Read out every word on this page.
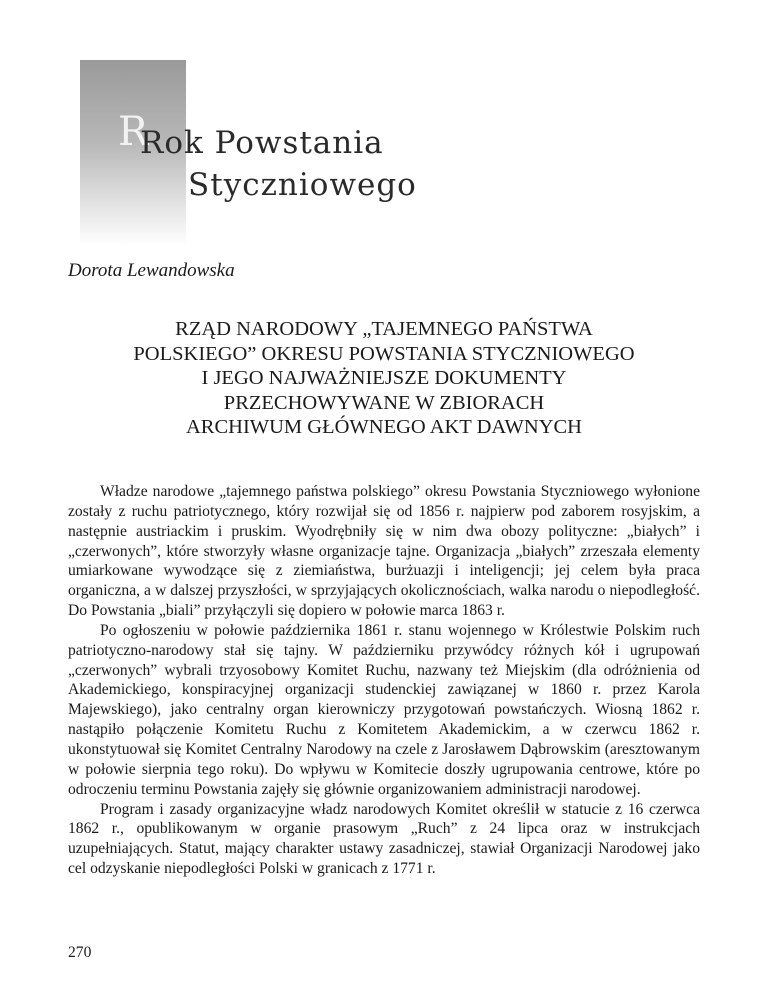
R
Rok Powstania
Styczniowego
Dorota Lewandowska
RZĄD NARODOWY „TAJEMNEGO PAŃSTWA
POLSKIEGO” OKRESU POWSTANIA STYCZNIOWEGO
I JEGO NAJWAŻNIEJSZE DOKUMENTY
PRZECHOWYWANE W ZBIORACH
ARCHIWUM GŁÓWNEGO AKT DAWNYCH

Władze narodowe „tajemnego państwa polskiego” okresu Powstania Styczniowego wyłonione zostały z ruchu patriotycznego, który rozwijał się od 1856 r. najpierw pod zaborem rosyjskim, a następnie austriackim i pruskim. Wyodrębniły się w nim dwa obozy polityczne: „białych” i „czerwonych”, które stworzyły własne organizacje tajne. Organizacja „białych” zrzeszała elementy umiarkowane wywodzące się z ziemiaństwa, burżuazji i inteligencji; jej celem była praca organiczna, a w dalszej przyszłości, w sprzyjających okolicznościach, walka narodu o niepodległość. Do Powstania „biali” przyłączyli się dopiero w połowie marca 1863 r.

Po ogłoszeniu w połowie października 1861 r. stanu wojennego w Królestwie Polskim ruch patriotyczno-narodowy stał się tajny. W październiku przywódcy różnych kół i ugrupowań „czerwonych” wybrali trzyosobowy Komitet Ruchu, nazwany też Miejskim (dla odróżnienia od Akademickiego, konspiracyjnej organizacji studenckiej zawiązanej w 1860 r. przez Karola Majewskiego), jako centralny organ kierowniczy przygotowań powstańczych. Wiosną 1862 r. nastąpiło połączenie Komitetu Ruchu z Komitetem Akademickim, a w czerwcu 1862 r. ukonstytuował się Komitet Centralny Narodowy na czele z Jarosławem Dąbrowskim (aresztowanym w połowie sierpnia tego roku). Do wpływu w Komitecie doszły ugrupowania centrowe, które po odroczeniu terminu Powstania zajęły się głównie organizowaniem administracji narodowej.

Program i zasady organizacyjne władz narodowych Komitet określił w statucie z 16 czerwca 1862 r., opublikowanym w organie prasowym „Ruch” z 24 lipca oraz w instrukcjach uzupełniających. Statut, mający charakter ustawy zasadniczej, stawiał Organizacji Narodowej jako cel odzyskanie niepodległości Polski w granicach z 1771 r.

270
